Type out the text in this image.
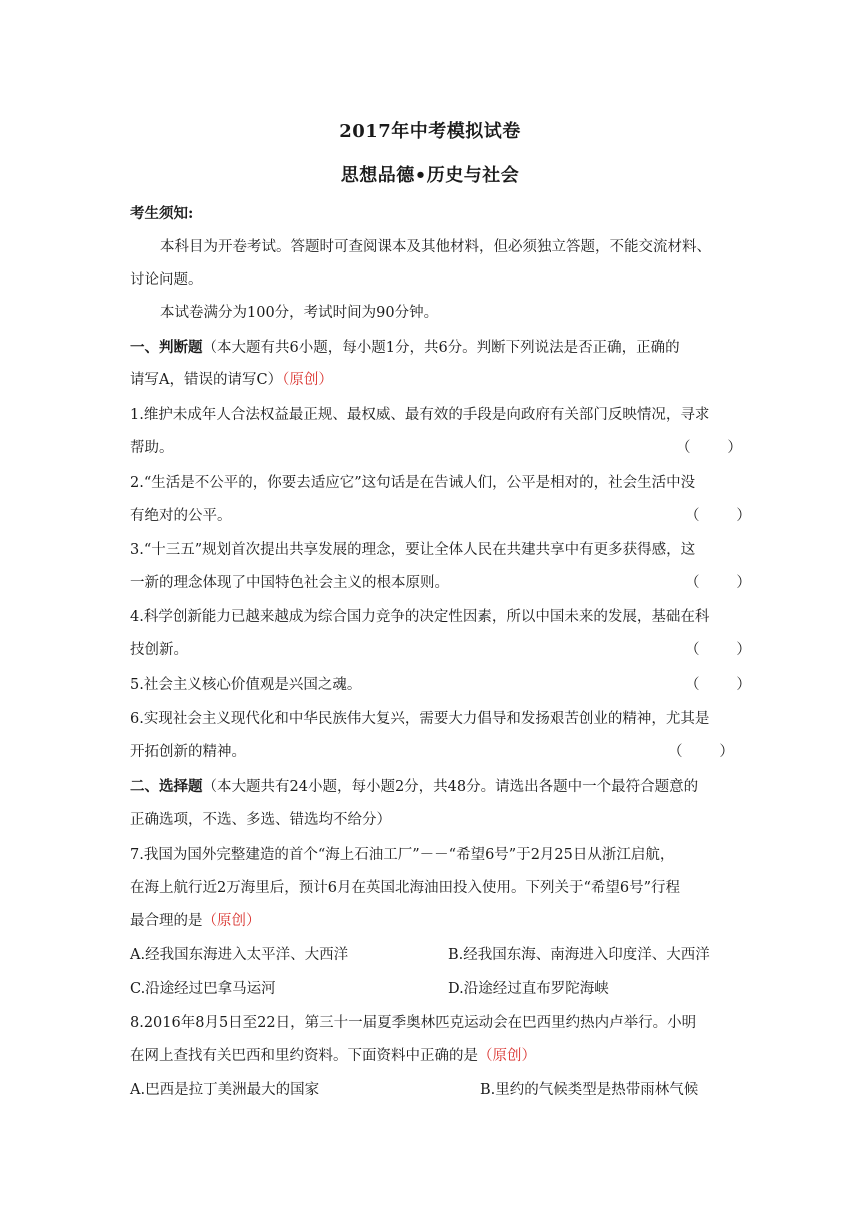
2017年中考模拟试卷
思想品德•历史与社会
考生须知:
本科目为开卷考试。答题时可查阅课本及其他材料，但必须独立答题，不能交流材料、
讨论问题。
本试卷满分为100分，考试时间为90分钟。
一、判断题（本大题有共6小题，每小题1分，共6分。判断下列说法是否正确，正确的
请写A，错误的请写C）（原创）
1.维护未成年人合法权益最正规、最权威、最有效的手段是向政府有关部门反映情况，寻求
帮助。	（        ）
2.“生活是不公平的，你要去适应它”这句话是在告诫人们，公平是相对的，社会生活中没
有绝对的公平。	（        ）
3.“十三五”规划首次提出共享发展的理念，要让全体人民在共建共享中有更多获得感，这
一新的理念体现了中国特色社会主义的根本原则。	（        ）
4.科学创新能力已越来越成为综合国力竞争的决定性因素，所以中国未来的发展，基础在科
技创新。	（        ）
5.社会主义核心价值观是兴国之魂。	（        ）
6.实现社会主义现代化和中华民族伟大复兴，需要大力倡导和发扬艰苦创业的精神，尤其是
开拓创新的精神。	（        ）
二、选择题（本大题共有24小题，每小题2分，共48分。请选出各题中一个最符合题意的
正确选项，不选、多选、错选均不给分）
7.我国为国外完整建造的首个“海上石油工厂”－－“希望6号”于2月25日从浙江启航，
在海上航行近2万海里后，预计6月在英国北海油田投入使用。下列关于“希望6号”行程
最合理的是（原创）
A.经我国东海进入太平洋、大西洋	B.经我国东海、南海进入印度洋、大西洋
C.沿途经过巴拿马运河	D.沿途经过直布罗陀海峡
8.2016年8月5日至22日，第三十一届夏季奥林匹克运动会在巴西里约热内卢举行。小明
在网上查找有关巴西和里约资料。下面资料中正确的是（原创）
A.巴西是拉丁美洲最大的国家	B.里约的气候类型是热带雨林气候
